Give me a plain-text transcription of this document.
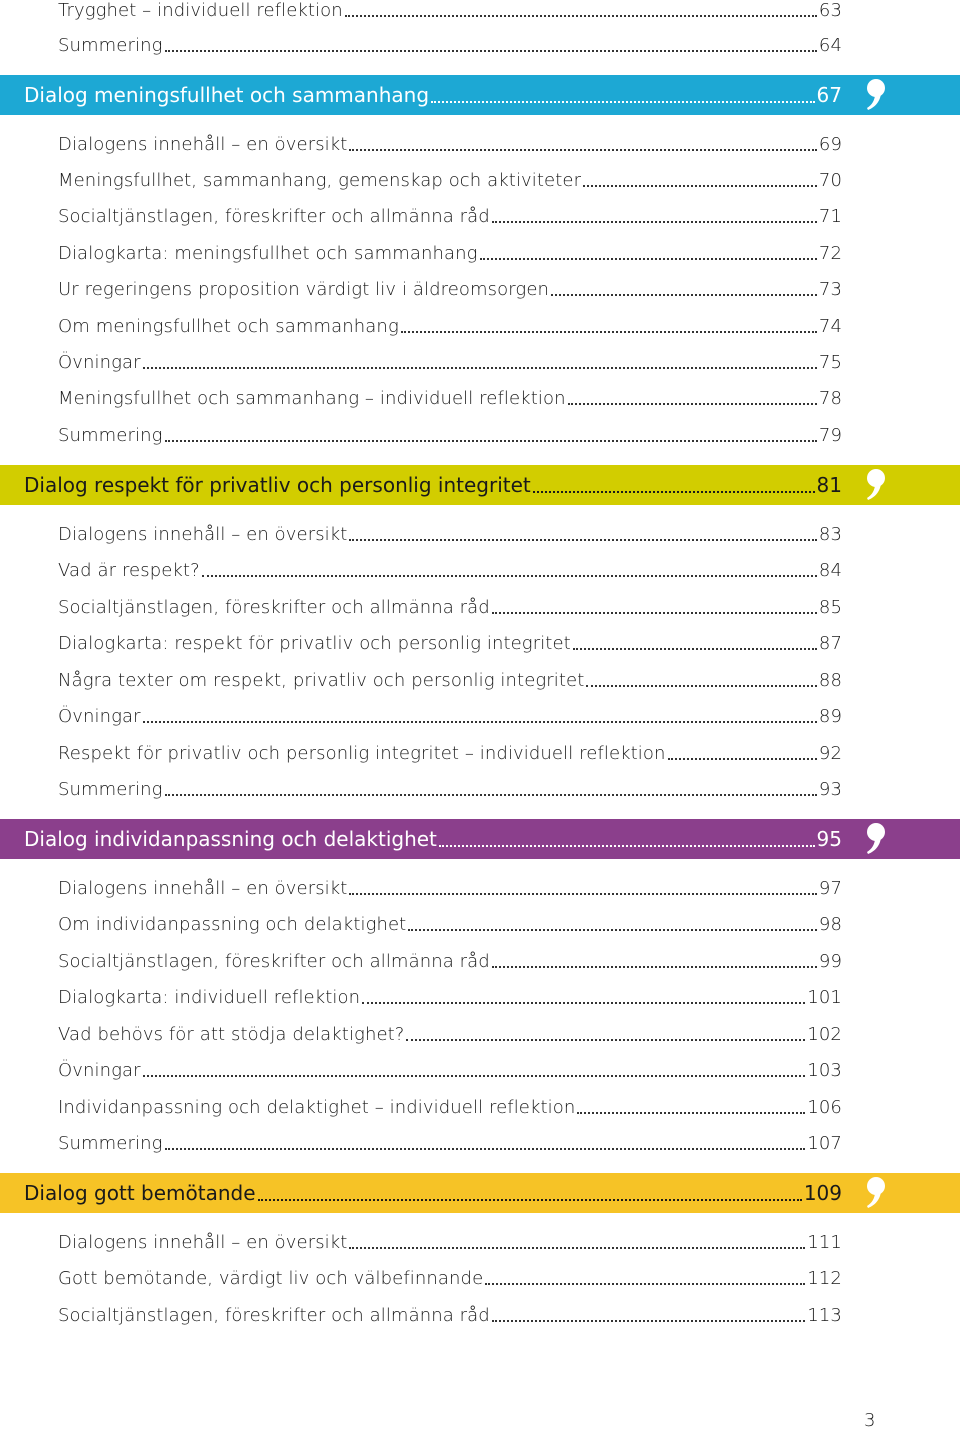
Trygghet – individuell reflektion	63
Summering	64
Dialog meningsfullhet och sammanhang	67
Dialogens innehåll – en översikt	69
Meningsfullhet, sammanhang, gemenskap och aktiviteter	70
Socialtjänstlagen, föreskrifter och allmänna råd	71
Dialogkarta: meningsfullhet och sammanhang	72
Ur regeringens proposition värdigt liv i äldreomsorgen	73
Om meningsfullhet och sammanhang	74
Övningar	75
Meningsfullhet och sammanhang – individuell reflektion	78
Summering	79
Dialog respekt för privatliv och personlig integritet	81
Dialogens innehåll – en översikt	83
Vad är respekt?	84
Socialtjänstlagen, föreskrifter och allmänna råd	85
Dialogkarta: respekt för privatliv och personlig integritet	87
Några texter om respekt, privatliv och personlig integritet	88
Övningar	89
Respekt för privatliv och personlig integritet – individuell reflektion	92
Summering	93
Dialog individanpassning och delaktighet	95
Dialogens innehåll – en översikt	97
Om individanpassning och delaktighet	98
Socialtjänstlagen, föreskrifter och allmänna råd	99
Dialogkarta: individuell reflektion	101
Vad behövs för att stödja delaktighet?	102
Övningar	103
Individanpassning och delaktighet – individuell reflektion	106
Summering	107
Dialog gott bemötande	109
Dialogens innehåll – en översikt	111
Gott bemötande, värdigt liv och välbefinnande	112
Socialtjänstlagen, föreskrifter och allmänna råd	113
3
